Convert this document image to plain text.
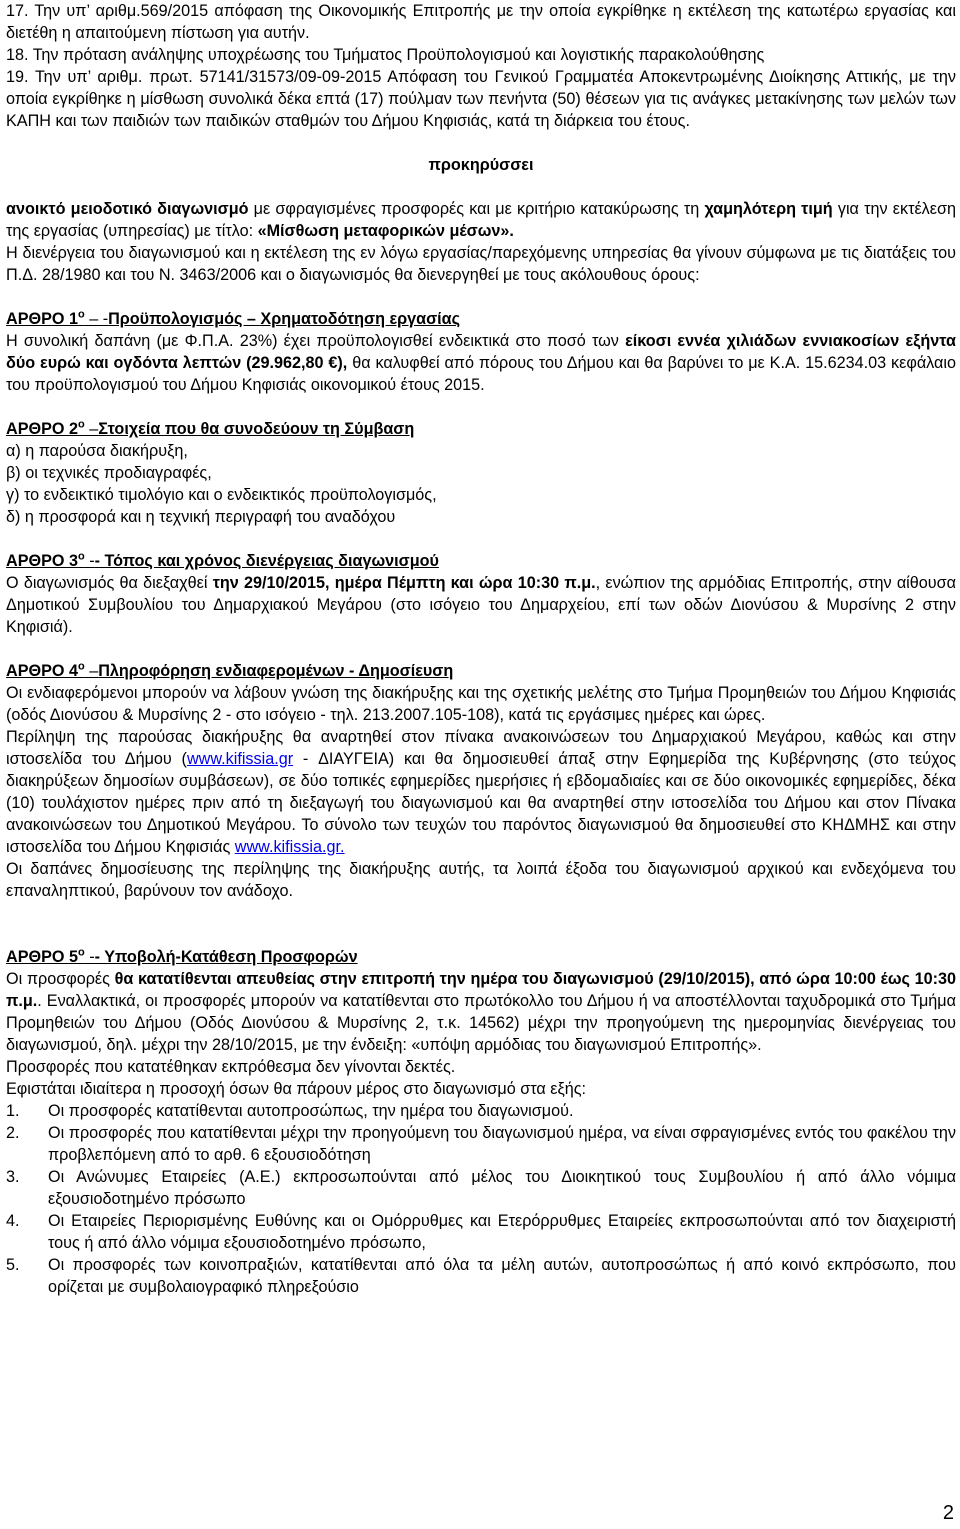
17. Την υπ’ αριθμ.569/2015 απόφαση της Οικονομικής Επιτροπής με την οποία εγκρίθηκε η εκτέλεση της κατωτέρω εργασίας και διετέθη η απαιτούμενη πίστωση για αυτήν.

18. Την πρόταση ανάληψης υποχρέωσης του Τμήματος Προϋπολογισμού και λογιστικής παρακολούθησης

19. Την υπ’ αριθμ. πρωτ. 57141/31573/09-09-2015 Απόφαση του Γενικού Γραμματέα Αποκεντρωμένης Διοίκησης Αττικής, με την οποία εγκρίθηκε η μίσθωση συνολικά δέκα επτά (17) πούλμαν των πενήντα (50) θέσεων για τις ανάγκες μετακίνησης των μελών των ΚΑΠΗ και των παιδιών των παιδικών σταθμών του Δήμου Κηφισιάς, κατά τη διάρκεια του έτους.

προκηρύσσει

ανοικτό μειοδοτικό διαγωνισμό με σφραγισμένες προσφορές και με κριτήριο κατακύρωσης τη χαμηλότερη τιμή για την εκτέλεση της εργασίας (υπηρεσίας) με τίτλο: «Μίσθωση μεταφορικών μέσων».

Η διενέργεια του διαγωνισμού και η εκτέλεση της εν λόγω εργασίας/παρεχόμενης υπηρεσίας θα γίνουν σύμφωνα με τις διατάξεις του Π.Δ. 28/1980 και του Ν. 3463/2006 και ο διαγωνισμός θα διενεργηθεί με τους ακόλουθους όρους:

ΑΡΘΡΟ $1^o - -\Pi\rho oϋ\pi o\lambda o\gamma\iota\sigma\mu ό\varsigma$ – Χρηματοδότηση εργασίας

Η συνολική δαπάνη (με Φ.Π.Α. 23%) έχει προϋπολογισθεί ενδεικτικά στο ποσό των είκοσι εννέα χιλιάδων εννιακοσίων εξήντα δύο ευρώ και ογδόντα λεπτών (29.962,80 €), θα καλυφθεί από πόρους του Δήμου και θα βαρύνει το με Κ.Α. 15.6234.03 κεφάλαιο του προϋπολογισμού του Δήμου Κηφισιάς οικονομικού έτους 2015.

ΑΡΘΡΟ $2^o$ –Στοιχεία που θα συνοδεύουν τη Σύμβαση

α) η παρούσα διακήρυξη,

β) οι τεχνικές προδιαγραφές,

γ) το ενδεικτικό τιμολόγιο και ο ενδεικτικός προϋπολογισμός,

δ) η προσφορά και η τεχνική περιγραφή του αναδόχου

ΑΡΘΡΟ $3^o$ -- Τόπος και χρόνος διενέργειας διαγωνισμού

Ο διαγωνισμός θα διεξαχθεί την 29/10/2015, ημέρα Πέμπτη και ώρα 10:30 π.μ., ενώπιον της αρμόδιας Επιτροπής, στην αίθουσα Δημοτικού Συμβουλίου του Δημαρχιακού Μεγάρου (στο ισόγειο του Δημαρχείου, επί των οδών Διονύσου & Μυρσίνης 2 στην Κηφισιά).

ΑΡΘΡΟ $4^o$ –Πληροφόρηση ενδιαφερομένων - Δημοσίευση

Οι ενδιαφερόμενοι μπορούν να λάβουν γνώση της διακήρυξης και της σχετικής μελέτης στο Τμήμα Προμηθειών του Δήμου Κηφισιάς (οδός Διονύσου & Μυρσίνης 2 - στο ισόγειο - τηλ. 213.2007.105-108), κατά τις εργάσιμες ημέρες και ώρες.

Περίληψη της παρούσας διακήρυξης θα αναρτηθεί στον πίνακα ανακοινώσεων του Δημαρχιακού Μεγάρου, καθώς και στην ιστοσελίδα του Δήμου (www.kifissia.gr - ΔΙΑΥΓΕΙΑ) και θα δημοσιευθεί άπαξ στην Εφημερίδα της Κυβέρνησης (στο τεύχος διακηρύξεων δημοσίων συμβάσεων), σε δύο τοπικές εφημερίδες ημερήσιες ή εβδομαδιαίες και σε δύο οικονομικές εφημερίδες, δέκα (10) τουλάχιστον ημέρες πριν από τη διεξαγωγή του διαγωνισμού και θα αναρτηθεί στην ιστοσελίδα του Δήμου και στον Πίνακα ανακοινώσεων του Δημοτικού Μεγάρου. Το σύνολο των τευχών του παρόντος διαγωνισμού θα δημοσιευθεί στο ΚΗΔΜΗΣ και στην ιστοσελίδα του Δήμου Κηφισιάς www.kifissia.gr.

Οι δαπάνες δημοσίευσης της περίληψης της διακήρυξης αυτής, τα λοιπά έξοδα του διαγωνισμού αρχικού και ενδεχόμενα του επαναληπτικού, βαρύνουν τον ανάδοχο.

ΑΡΘΡΟ $5^o -- \Upsilon\pi o\beta o\lambda ή-K\alpha\tau ά\theta\varepsilon\sigma\eta$ Προσφορών

Οι προσφορές θα κατατίθενται απευθείας στην επιτροπή την ημέρα του διαγωνισμού (29/10/2015), από ώρα 10:00 έως 10:30 π.μ.. Εναλλακτικά, οι προσφορές μπορούν να κατατίθενται στο πρωτόκολλο του Δήμου ή να αποστέλλονται ταχυδρομικά στο Τμήμα Προμηθειών του Δήμου (Οδός Διονύσου & Μυρσίνης 2, τ.κ. 14562) μέχρι την προηγούμενη της ημερομηνίας διενέργειας του διαγωνισμού, δηλ. μέχρι την 28/10/2015, με την ένδειξη: «υπόψη αρμόδιας του διαγωνισμού Επιτροπής».

Προσφορές που κατατέθηκαν εκπρόθεσμα δεν γίνονται δεκτές.

Εφιστάται ιδιαίτερα η προσοχή όσων θα πάρουν μέρος στο διαγωνισμό στα εξής:

1.	Οι προσφορές κατατίθενται αυτοπροσώπως, την ημέρα του διαγωνισμού.
2.	Οι προσφορές που κατατίθενται μέχρι την προηγούμενη του διαγωνισμού ημέρα, να είναι σφραγισμένες εντός του φακέλου την προβλεπόμενη από το αρθ. 6 εξουσιοδότηση
3.	Οι Ανώνυμες Εταιρείες (Α.Ε.) εκπροσωπούνται από μέλος του Διοικητικού τους Συμβουλίου ή από άλλο νόμιμα εξουσιοδοτημένο πρόσωπο
4.	Οι Εταιρείες Περιορισμένης Ευθύνης και οι Ομόρρυθμες και Ετερόρρυθμες Εταιρείες εκπροσωπούνται από τον διαχειριστή τους ή από άλλο νόμιμα εξουσιοδοτημένο πρόσωπο,
5.	Οι προσφορές των κοινοπραξιών, κατατίθενται από όλα τα μέλη αυτών, αυτοπροσώπως ή από κοινό εκπρόσωπο, που ορίζεται με συμβολαιογραφικό πληρεξούσιο
2
